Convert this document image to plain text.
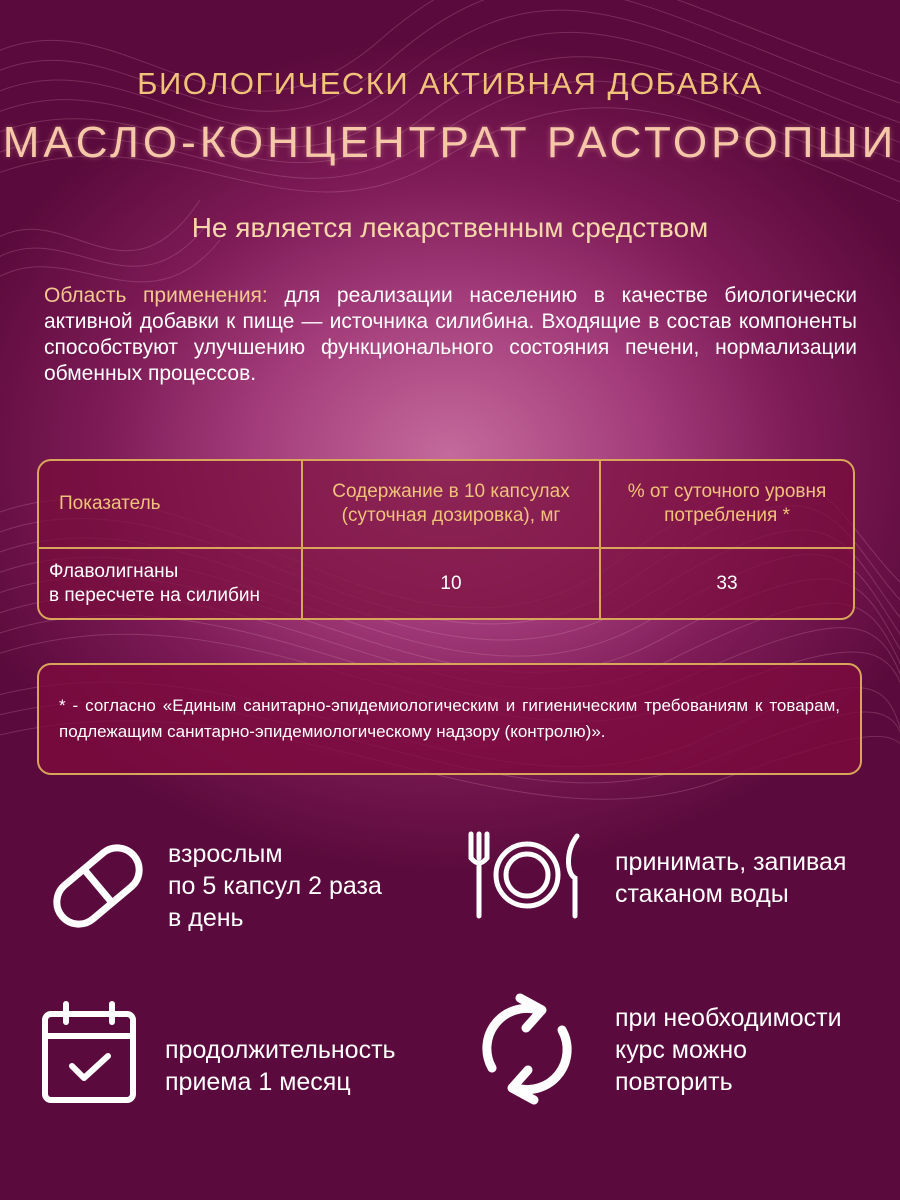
БИОЛОГИЧЕСКИ АКТИВНАЯ ДОБАВКА
МАСЛО-КОНЦЕНТРАТ РАСТОРОПШИ
Не является лекарственным средством
Область применения: для реализации населению в качестве биологически активной добавки к пище — источника силибина. Входящие в состав компоненты способствуют улучшению функционального состояния печени, нормализации обменных процессов.
Показатель
Содержание в 10 капсулах (суточная дозировка), мг
% от суточного уровня потребления *
Флаволигнаны
в пересчете на силибин
10	33
* - согласно «Единым санитарно-эпидемиологическим и гигиеническим требованиям к товарам, подлежащим санитарно-эпидемиологическому надзору (контролю)».
взрослым
по 5 капсул 2 раза
в день
принимать, запивая
стаканом воды
продолжительность
приема 1 месяц
при необходимости
курс можно
повторить
